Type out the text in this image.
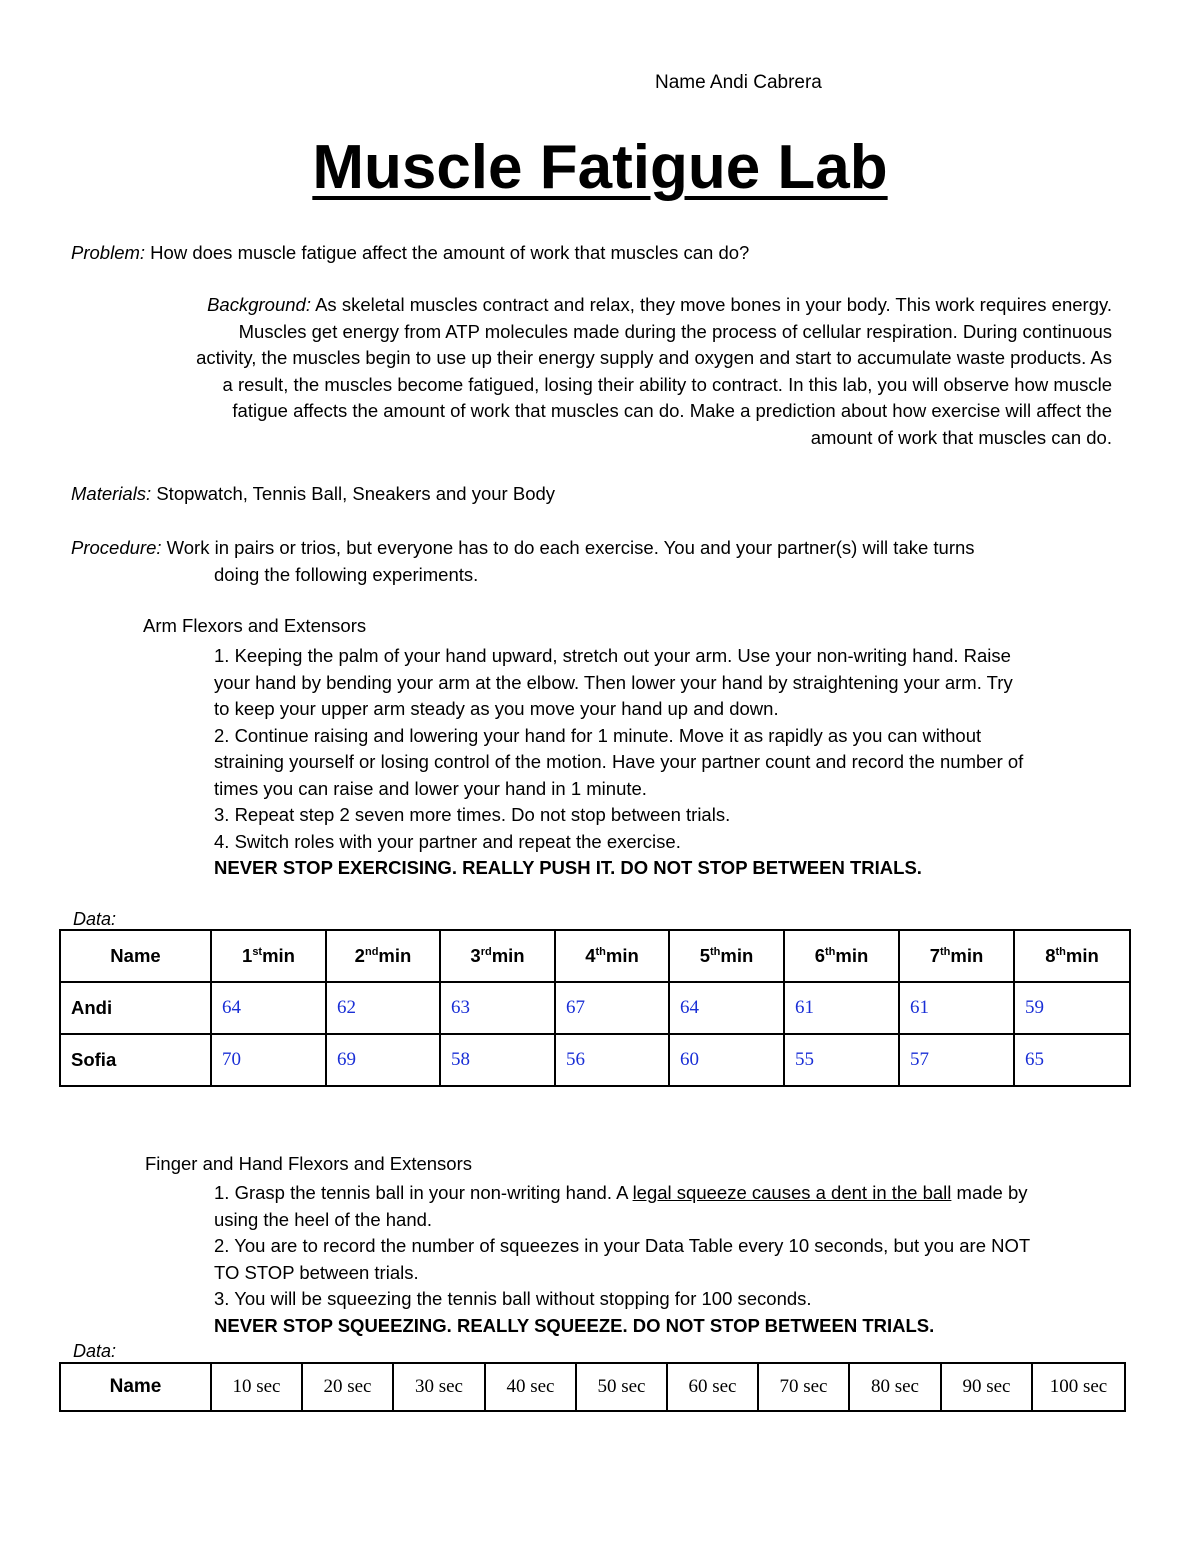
Name Andi Cabrera
Muscle Fatigue Lab
Problem: How does muscle fatigue affect the amount of work that muscles can do?
Background: As skeletal muscles contract and relax, they move bones in your body. This work requires energy.
Muscles get energy from ATP molecules made during the process of cellular respiration. During continuous
activity, the muscles begin to use up their energy supply and oxygen and start to accumulate waste products. As
a result, the muscles become fatigued, losing their ability to contract. In this lab, you will observe how muscle
fatigue affects the amount of work that muscles can do. Make a prediction about how exercise will affect the
amount of work that muscles can do.
Materials: Stopwatch, Tennis Ball, Sneakers and your Body
Procedure: Work in pairs or trios, but everyone has to do each exercise. You and your partner(s) will take turns
doing the following experiments.
Arm Flexors and Extensors
1. Keeping the palm of your hand upward, stretch out your arm. Use your non-writing hand. Raise
your hand by bending your arm at the elbow. Then lower your hand by straightening your arm. Try
to keep your upper arm steady as you move your hand up and down.
2. Continue raising and lowering your hand for 1 minute. Move it as rapidly as you can without
straining yourself or losing control of the motion. Have your partner count and record the number of
times you can raise and lower your hand in 1 minute.
3. Repeat step 2 seven more times. Do not stop between trials.
4. Switch roles with your partner and repeat the exercise.
NEVER STOP EXERCISING. REALLY PUSH IT. DO NOT STOP BETWEEN TRIALS.
Data:
Name	1stmin	2ndmin	3rdmin	4thmin	5thmin	6thmin	7thmin	8thmin
Andi	64	62	63	67	64	61	61	59
Sofia	70	69	58	56	60	55	57	65
Finger and Hand Flexors and Extensors
1. Grasp the tennis ball in your non-writing hand. A legal squeeze causes a dent in the ball made by
using the heel of the hand.
2. You are to record the number of squeezes in your Data Table every 10 seconds, but you are NOT
TO STOP between trials.
3. You will be squeezing the tennis ball without stopping for 100 seconds.
NEVER STOP SQUEEZING. REALLY SQUEEZE. DO NOT STOP BETWEEN TRIALS.
Data:
Name	10 sec	20 sec	30 sec	40 sec	50 sec	60 sec	70 sec	80 sec	90 sec	100 sec
